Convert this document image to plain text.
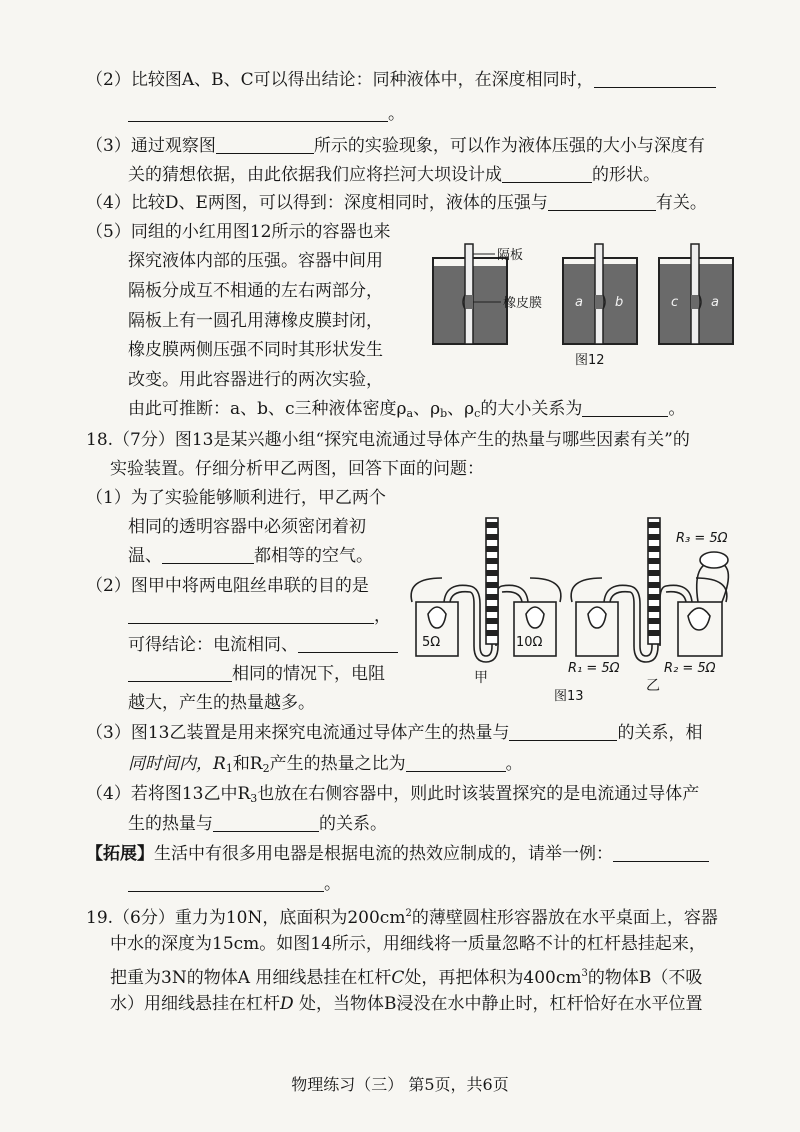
（2）比较图A、B、C可以得出结论：同种液体中，在深度相同时，
。
（3）通过观察图	所示的实验现象，可以作为液体压强的大小与深度有
关的猜想依据，由此依据我们应将拦河大坝设计成	的形状。
（4）比较D、E两图，可以得到：深度相同时，液体的压强与	有关。
（5）同组的小红用图12所示的容器也来
探究液体内部的压强。容器中间用
隔板分成互不相通的左右两部分，
隔板上有一圆孔用薄橡皮膜封闭，
橡皮膜两侧压强不同时其形状发生
改变。用此容器进行的两次实验，
由此可推断：a、b、c三种液体密度$\rho_a$、$\rho_b$、$\rho_c$的大小关系为	。
隔板
橡皮膜	a b	c	a
图12
18.（7分）图13是某兴趣小组“探究电流通过导体产生的热量与哪些因素有关”的
实验装置。仔细分析甲乙两图，回答下面的问题：
（1）为了实验能够顺利进行，甲乙两个
相同的透明容器中必须密闭着初
温、	都相等的空气。
（2）图甲中将两电阻丝串联的目的是
，
可得结论：电流相同、
相同的情况下，电阻
越大，产生的热量越多。
5Ω	10Ω
甲
R₃ = 5Ω
R₁ = 5Ω	R₂ = 5Ω
乙
图13
（3）图13乙装置是用来探究电流通过导体产生的热量与	的关系，相
同时间内，$R_1$和$R_2$产生的热量之比为	。
（4）若将图13乙中$R_3$也放在右侧容器中，则此时该装置探究的是电流通过导体产
生的热量与	的关系。
【拓展】生活中有很多用电器是根据电流的热效应制成的，请举一例：
。
19.（6分）重力为10N，底面积为$200cm^2$的薄壁圆柱形容器放在水平桌面上，容器
中水的深度为15cm。如图14所示，用细线将一质量忽略不计的杠杆悬挂起来，
把重为3N的物体A 用细线悬挂在杠杆C处，再把体积为$400cm^3$的物体B（不吸
水）用细线悬挂在杠杆D 处，当物体B浸没在水中静止时，杠杆恰好在水平位置
物理练习（三） 第5页，共6页
